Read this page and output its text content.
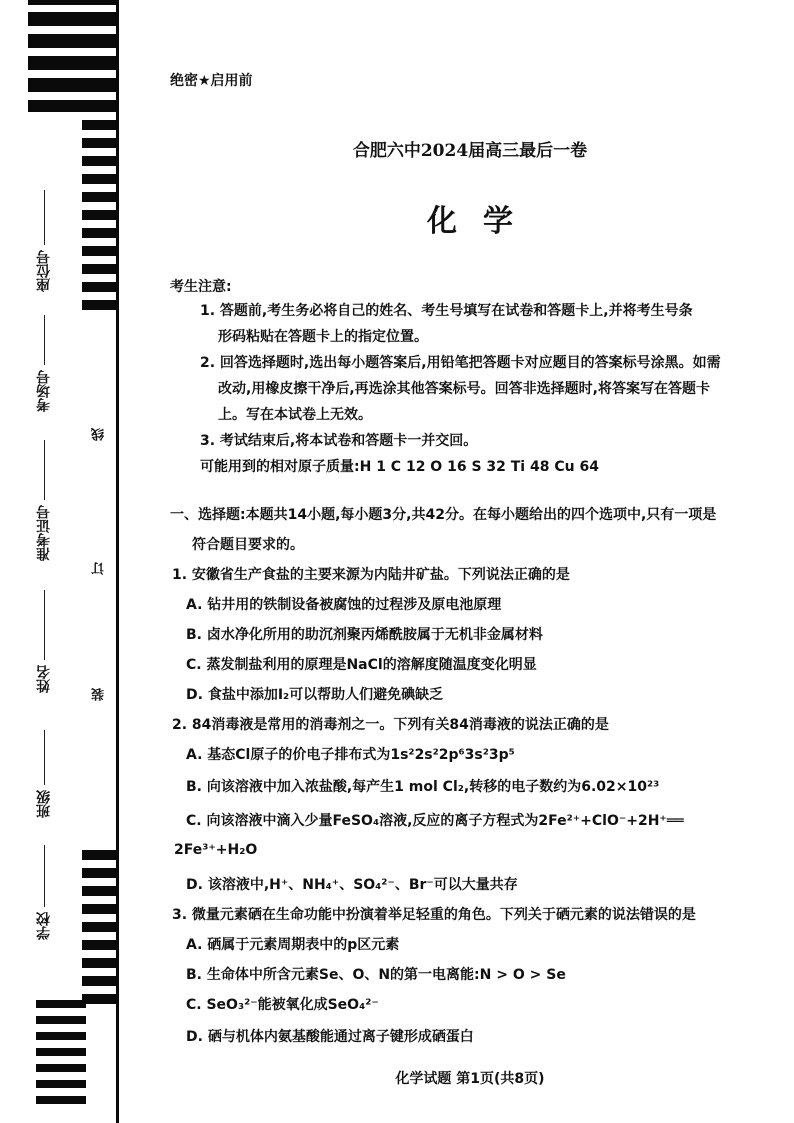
座位号
考场号
准考证号
姓名
班级
学校
线
订
装
绝密★启用前
合肥六中2024届高三最后一卷
化学
考生注意:
1. 答题前,考生务必将自己的姓名、考生号填写在试卷和答题卡上,并将考生号条
形码粘贴在答题卡上的指定位置。
2. 回答选择题时,选出每小题答案后,用铅笔把答题卡对应题目的答案标号涂黑。如需
改动,用橡皮擦干净后,再选涂其他答案标号。回答非选择题时,将答案写在答题卡
上。写在本试卷上无效。
3. 考试结束后,将本试卷和答题卡一并交回。
可能用到的相对原子质量:H 1 C 12 O 16 S 32 Ti 48 Cu 64
一、选择题:本题共14小题,每小题3分,共42分。在每小题给出的四个选项中,只有一项是
符合题目要求的。
1. 安徽省生产食盐的主要来源为内陆井矿盐。下列说法正确的是
A. 钻井用的铁制设备被腐蚀的过程涉及原电池原理
B. 卤水净化所用的助沉剂聚丙烯酰胺属于无机非金属材料
C. 蒸发制盐利用的原理是NaCl的溶解度随温度变化明显
D. 食盐中添加I₂可以帮助人们避免碘缺乏
2. 84消毒液是常用的消毒剂之一。下列有关84消毒液的说法正确的是
A. 基态Cl原子的价电子排布式为1s²2s²2p⁶3s²3p⁵
B. 向该溶液中加入浓盐酸,每产生1 mol Cl₂,转移的电子数约为6.02×10²³
C. 向该溶液中滴入少量FeSO₄溶液,反应的离子方程式为2Fe²⁺+ClO⁻+2H⁺══
2Fe³⁺+H₂O
D. 该溶液中,H⁺、NH₄⁺、SO₄²⁻、Br⁻可以大量共存
3. 微量元素硒在生命功能中扮演着举足轻重的角色。下列关于硒元素的说法错误的是
A. 硒属于元素周期表中的p区元素
B. 生命体中所含元素Se、O、N的第一电离能:N > O > Se
C. SeO₃²⁻能被氧化成SeO₄²⁻
D. 硒与机体内氨基酸能通过离子键形成硒蛋白
化学试题 第1页(共8页)
